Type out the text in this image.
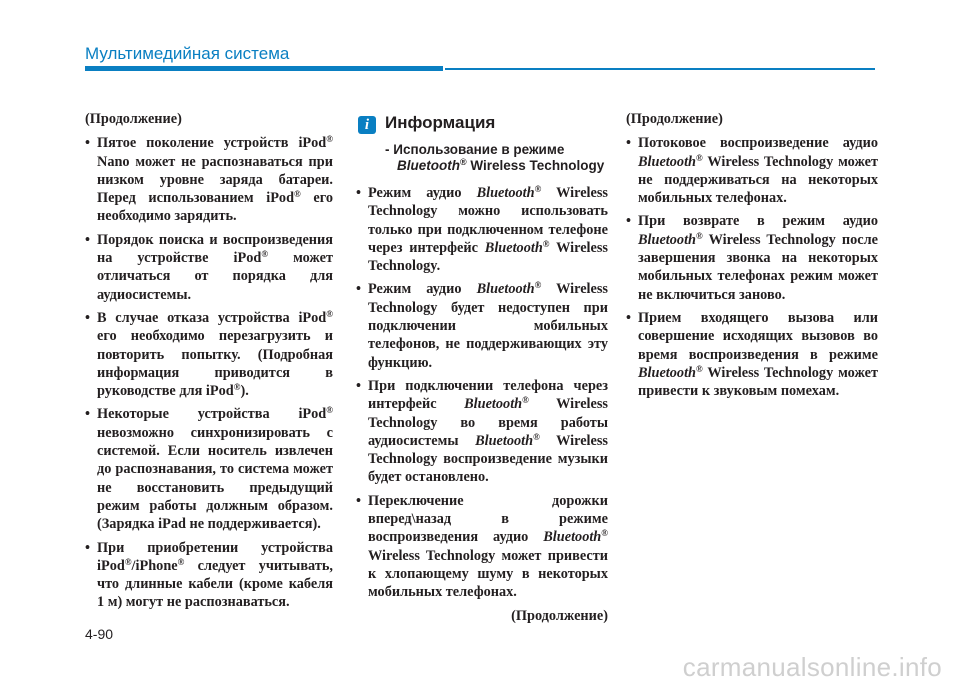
Мультимедийная система
(Продолжение)
• Пятое поколение устройств iPod® Nano может не распознаваться при низком уровне заряда батареи. Перед использованием iPod® его необходимо зарядить.
• Порядок поиска и воспроизведения на устройстве iPod® может отличаться от порядка для аудиосистемы.
• В случае отказа устройства iPod® его необходимо перезагрузить и повторить попытку. (Подробная информация приводится в руководстве для iPod®).
• Некоторые устройства iPod® невозможно синхронизировать с системой. Если носитель извлечен до распознавания, то система может не восстановить предыдущий режим работы должным образом. (Зарядка iPad не поддерживается).
• При приобретении устройства iPod®/iPhone® следует учитывать, что длинные кабели (кроме кабеля 1 м) могут не распознаваться.
i Информация
- Использование в режиме Bluetooth® Wireless Technology
• Режим аудио Bluetooth® Wireless Technology можно использовать только при подключенном телефоне через интерфейс Bluetooth® Wireless Technology.
• Режим аудио Bluetooth® Wireless Technology будет недоступен при подключении мобильных телефонов, не поддерживающих эту функцию.
• При подключении телефона через интерфейс Bluetooth® Wireless Technology во время работы аудиосистемы Bluetooth® Wireless Technology воспроизведение музыки будет остановлено.
• Переключение дорожки вперед\назад в режиме воспроизведения аудио Bluetooth® Wireless Technology может привести к хлопающему шуму в некоторых мобильных телефонах.
(Продолжение)
(Продолжение)
• Потоковое воспроизведение аудио Bluetooth® Wireless Technology может не поддерживаться на некоторых мобильных телефонах.
• При возврате в режим аудио Bluetooth® Wireless Technology после завершения звонка на некоторых мобильных телефонах режим может не включиться заново.
• Прием входящего вызова или совершение исходящих вызовов во время воспроизведения в режиме Bluetooth® Wireless Technology может привести к звуковым помехам.
4-90
carmanualsonline.info
